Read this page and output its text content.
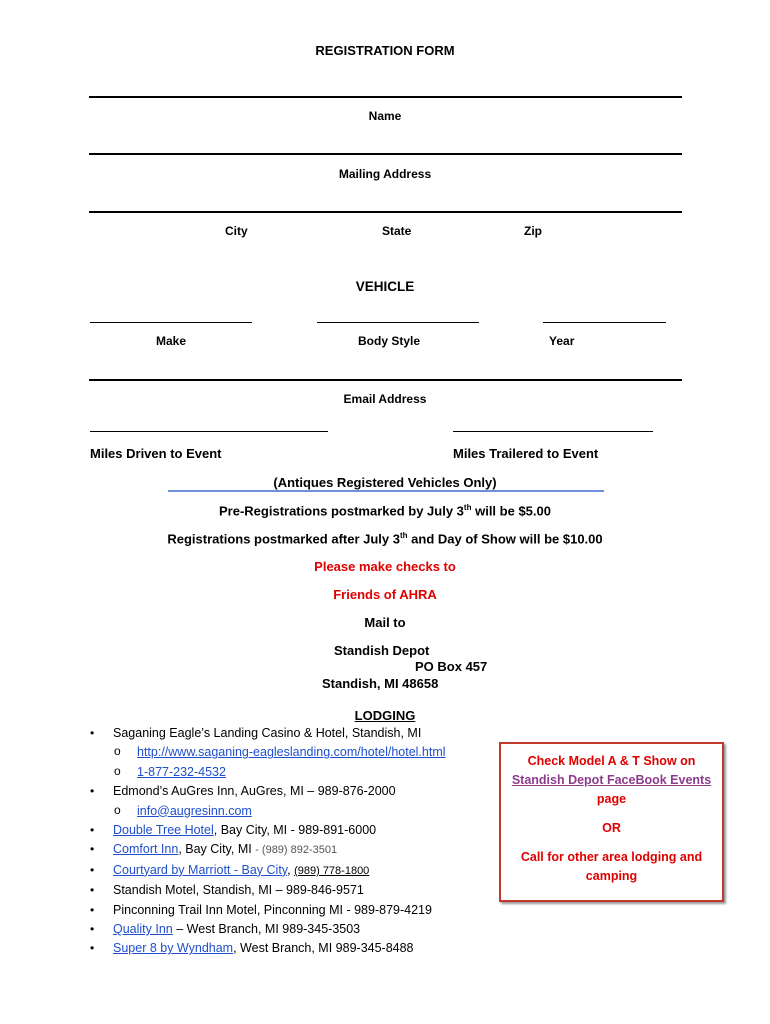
REGISTRATION FORM
Name
Mailing Address
City	State	Zip
VEHICLE
Make	Body Style	Year
Email Address
Miles Driven to Event	Miles Trailered to Event
(Antiques Registered Vehicles Only)
Pre-Registrations postmarked by July 3th will be $5.00
Registrations postmarked after July 3th and Day of Show will be $10.00
Please make checks to
Friends of AHRA
Mail to
Standish Depot
PO Box 457
Standish, MI 48658
LODGING
• Saganing Eagle’s Landing Casino & Hotel, Standish, MI
o http://www.saganing-eagleslanding.com/hotel/hotel.html
o 1-877-232-4532
• Edmond’s AuGres Inn, AuGres, MI – 989-876-2000
o info@augresinn.com
• Double Tree Hotel, Bay City, MI - 989-891-6000
• Comfort Inn, Bay City, MI - (989) 892-3501
• Courtyard by Marriott - Bay City, (989) 778-1800
• Standish Motel, Standish, MI – 989-846-9571
• Pinconning Trail Inn Motel, Pinconning MI - 989-879-4219
• Quality Inn – West Branch, MI 989-345-3503
• Super 8 by Wyndham, West Branch, MI 989-345-8488

Check Model A & T Show on

Standish Depot FaceBook Events

page

OR

Call for other area lodging and camping
